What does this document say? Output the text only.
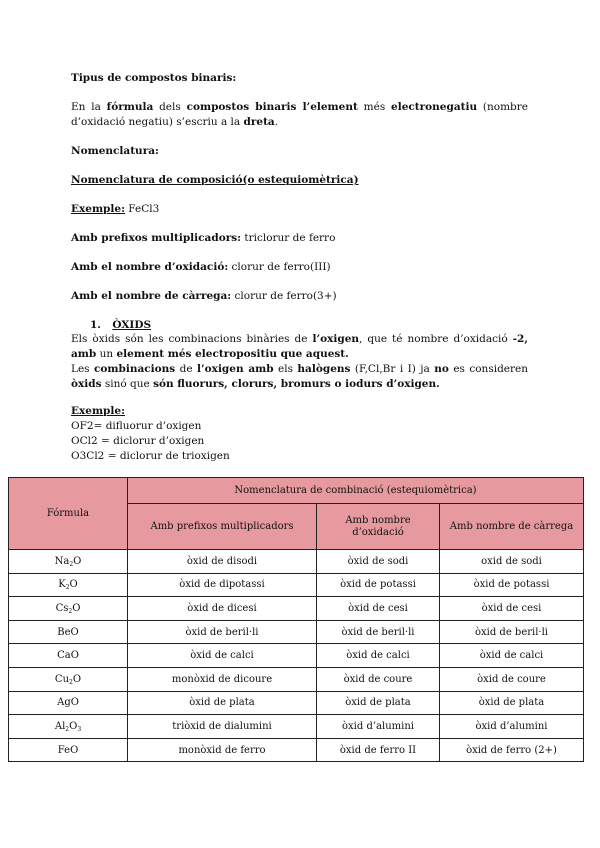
Tipus de compostos binaris:
En la fórmula dels compostos binaris l’element més electronegatiu (nombre d’oxidació negatiu) s’escriu a la dreta.
Nomenclatura:
Nomenclatura de composició(o estequiomètrica)
Exemple: FeCl3
Amb prefixos multiplicadors: triclorur de ferro
Amb el nombre d’oxidació: clorur de ferro(III)
Amb el nombre de càrrega: clorur de ferro(3+)
1. ÒXIDS
Els òxids són les combinacions binàries de l’oxigen, que té nombre d’oxidació -2, amb un element més electropositiu que aquest.
Les combinacions de l’oxigen amb els halògens (F,Cl,Br i I) ja no es consideren òxids sinó que són fluorurs, clorurs, bromurs o iodurs d’oxigen.
Exemple:
OF2= difluorur d’oxigen
OCl2 = diclorur d’oxigen
O3Cl2 = diclorur de trioxigen
Fórmula	Nomenclatura de combinació (estequiomètrica)		
	Amb prefixos multiplicadors	Amb nombre d’oxidació	Amb nombre de càrrega
$Na_2O$	òxid de disodi	òxid de sodi	oxid de sodi
$K_2O$	òxid de dipotassi	òxid de potassi	òxid de potassi
$Cs_2O$	òxid de dicesi	òxid de cesi	òxid de cesi
BeO	òxid de beril·li	òxid de beril·li	òxid de beril·li
CaO	òxid de calci	òxid de calci	òxid de calci
$Cu_2O$	monòxid de dicoure	òxid de coure	òxid de coure
AgO	òxid de plata	òxid de plata	òxid de plata
$Al_2O_3$	triòxid de dialumini	òxid d’alumini	òxid d’alumini
FeO	monòxid de ferro	òxid de ferro II	òxid de ferro (2+)
